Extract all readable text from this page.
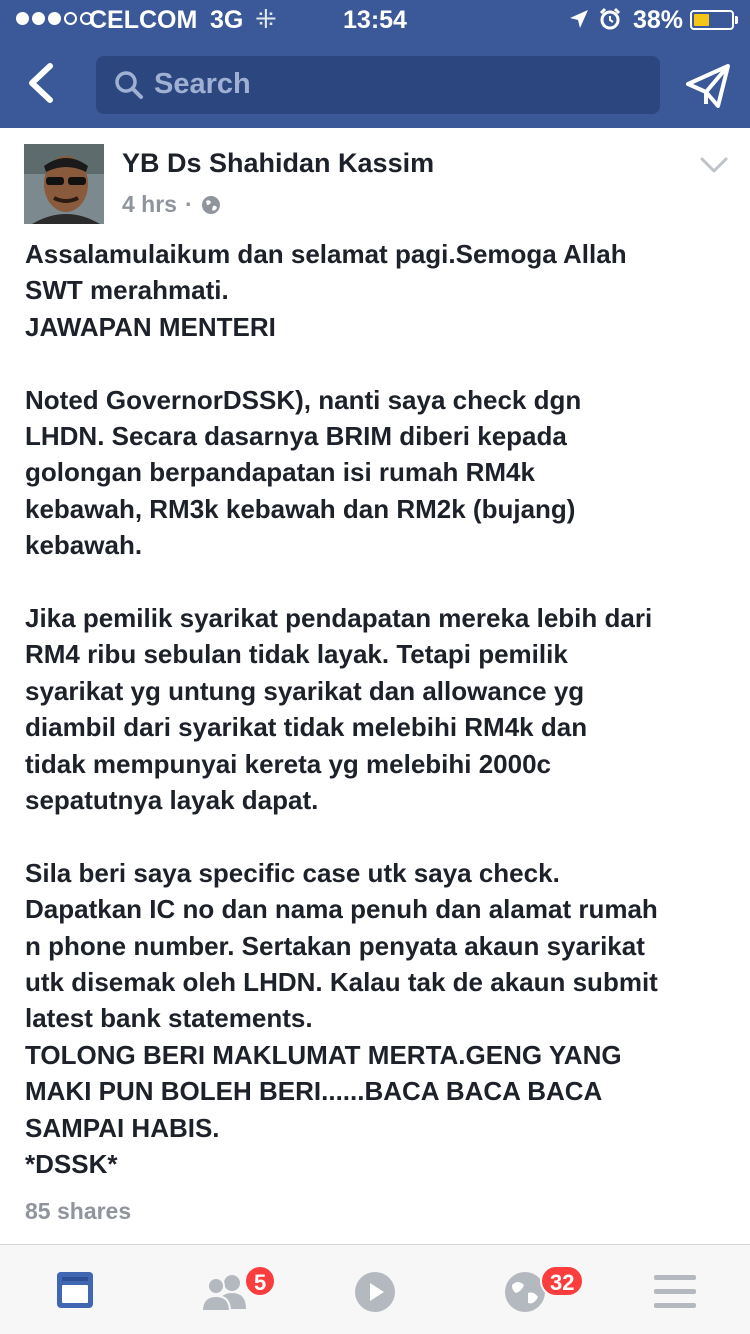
CELCOM 3G ⁜	13:54	38%
Search
YB Ds Shahidan Kassim
4 hrs ·

Assalamulaikum dan selamat pagi.Semoga Allah

SWT merahmati.

JAWAPAN MENTERI

Noted GovernorDSSK), nanti saya check dgn

LHDN. Secara dasarnya BRIM diberi kepada

golongan berpandapatan isi rumah RM4k

kebawah, RM3k kebawah dan RM2k (bujang)

kebawah.

Jika pemilik syarikat pendapatan mereka lebih dari

RM4 ribu sebulan tidak layak. Tetapi pemilik

syarikat yg untung syarikat dan allowance yg

diambil dari syarikat tidak melebihi RM4k dan

tidak mempunyai kereta yg melebihi 2000c

sepatutnya layak dapat.

Sila beri saya specific case utk saya check.

Dapatkan IC no dan nama penuh dan alamat rumah

n phone number. Sertakan penyata akaun syarikat

utk disemak oleh LHDN. Kalau tak de akaun submit

latest bank statements.

TOLONG BERI MAKLUMAT MERTA.GENG YANG

MAKI PUN BOLEH BERI......BACA BACA BACA

SAMPAI HABIS.

*DSSK*

85 shares
5	32
